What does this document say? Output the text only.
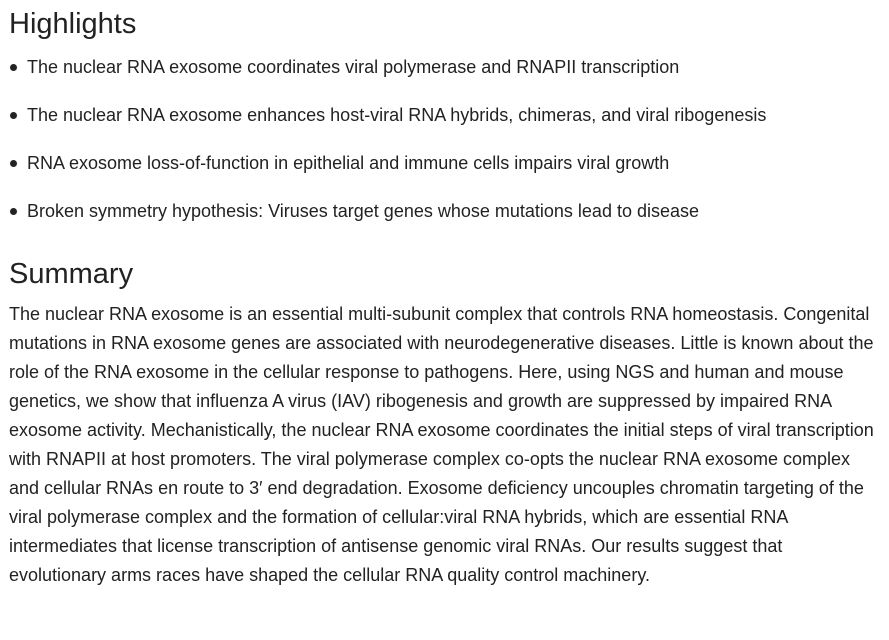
Highlights
The nuclear RNA exosome coordinates viral polymerase and RNAPII transcription
The nuclear RNA exosome enhances host-viral RNA hybrids, chimeras, and viral ribogenesis
RNA exosome loss-of-function in epithelial and immune cells impairs viral growth
Broken symmetry hypothesis: Viruses target genes whose mutations lead to disease
Summary

The nuclear RNA exosome is an essential multi-subunit complex that controls RNA homeostasis. Congenital mutations in RNA exosome genes are associated with neurodegenerative diseases. Little is known about the role of the RNA exosome in the cellular response to pathogens. Here, using NGS and human and mouse genetics, we show that influenza A virus (IAV) ribogenesis and growth are suppressed by impaired RNA exosome activity. Mechanistically, the nuclear RNA exosome coordinates the initial steps of viral transcription with RNAPII at host promoters. The viral polymerase complex co-opts the nuclear RNA exosome complex and cellular RNAs en route to 3′ end degradation. Exosome deficiency uncouples chromatin targeting of the viral polymerase complex and the formation of cellular:viral RNA hybrids, which are essential RNA intermediates that license transcription of antisense genomic viral RNAs. Our results suggest that evolutionary arms races have shaped the cellular RNA quality control machinery.
